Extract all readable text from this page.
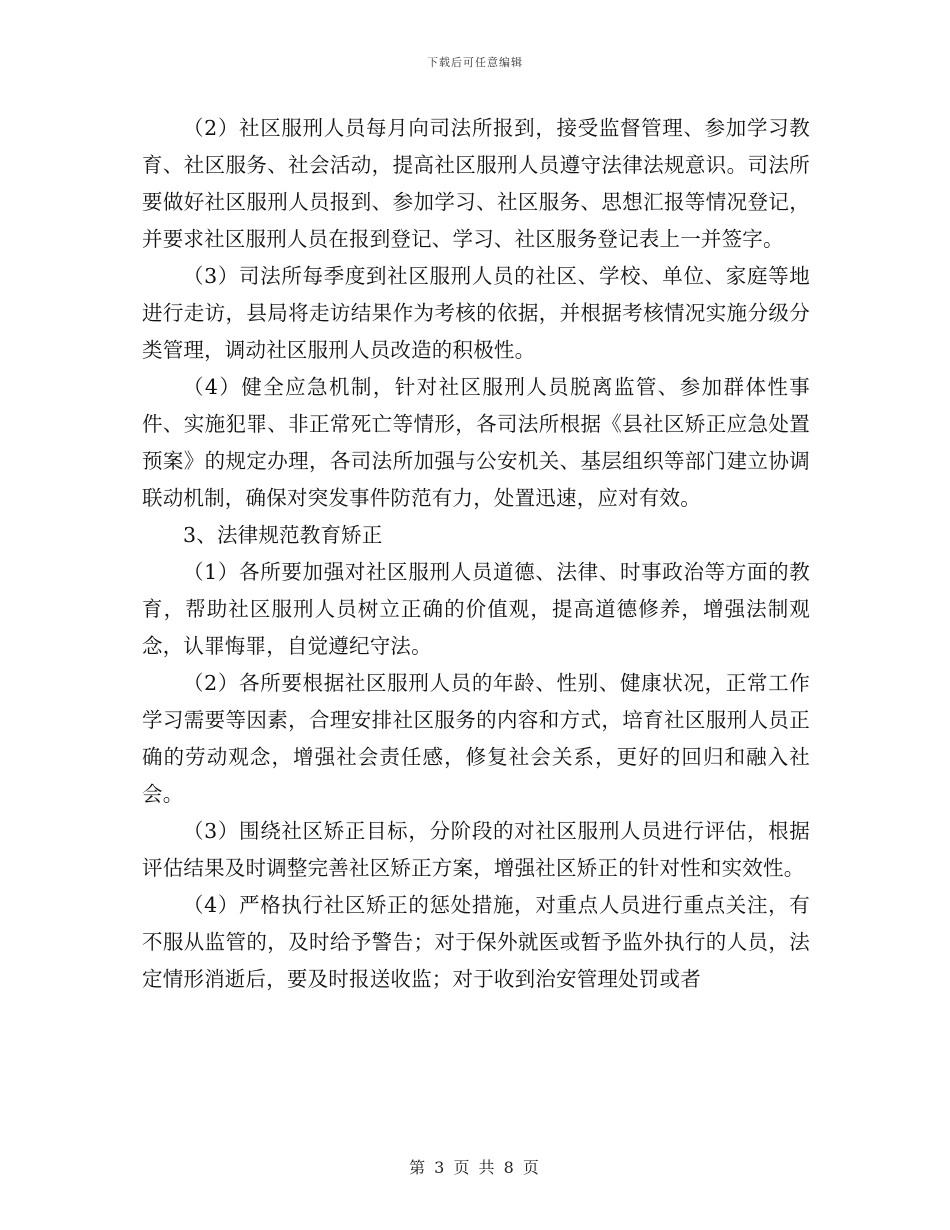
下载后可任意编辑

（2）社区服刑人员每月向司法所报到，接受监督管理、参加学习教育、社区服务、社会活动，提高社区服刑人员遵守法律法规意识。司法所要做好社区服刑人员报到、参加学习、社区服务、思想汇报等情况登记，并要求社区服刑人员在报到登记、学习、社区服务登记表上一并签字。

（3）司法所每季度到社区服刑人员的社区、学校、单位、家庭等地进行走访，县局将走访结果作为考核的依据，并根据考核情况实施分级分类管理，调动社区服刑人员改造的积极性。

（4）健全应急机制，针对社区服刑人员脱离监管、参加群体性事件、实施犯罪、非正常死亡等情形，各司法所根据《县社区矫正应急处置预案》的规定办理，各司法所加强与公安机关、基层组织等部门建立协调联动机制，确保对突发事件防范有力，处置迅速，应对有效。

3、法律规范教育矫正

（1）各所要加强对社区服刑人员道德、法律、时事政治等方面的教育，帮助社区服刑人员树立正确的价值观，提高道德修养，增强法制观念，认罪悔罪，自觉遵纪守法。

（2）各所要根据社区服刑人员的年龄、性别、健康状况，正常工作学习需要等因素，合理安排社区服务的内容和方式，培育社区服刑人员正确的劳动观念，增强社会责任感，修复社会关系，更好的回归和融入社会。

（3）围绕社区矫正目标，分阶段的对社区服刑人员进行评估，根据评估结果及时调整完善社区矫正方案，增强社区矫正的针对性和实效性。

（4）严格执行社区矫正的惩处措施，对重点人员进行重点关注，有不服从监管的，及时给予警告；对于保外就医或暂予监外执行的人员，法定情形消逝后，要及时报送收监；对于收到治安管理处罚或者

第 3 页 共 8 页
